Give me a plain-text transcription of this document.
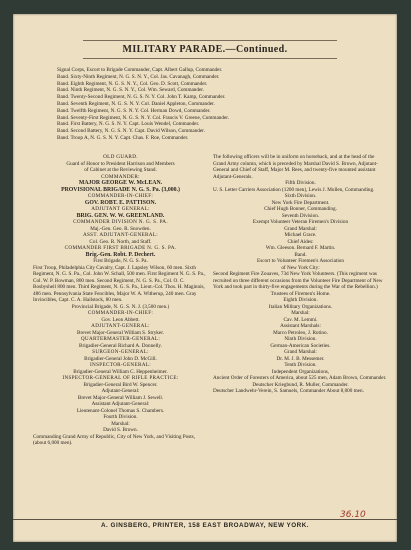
MILITARY PARADE.—Continued.
Signal Corps, Escort to Brigade Commander, Capt. Albert Gallup, Commander.
Band. Sixty-Ninth Regiment, N. G. S. N. Y., Col. Jas. Cavanagh, Commander.
Band. Eighth Regiment, N. G. S. N. Y., Col. Geo. D. Scott, Commander.
Band. Ninth Regiment, N. G. S. N. Y., Col. Wm. Seward, Commander.
Band. Twenty-Second Regiment, N. G. S. N. Y. Col. John T. Kamp, Commander.
Band. Seventh Regiment, N. G. S. N. Y. Col. Daniel Appleton, Commander.
Band. Twelfth Regiment, N. G. S. N. Y. Col. Herman Dowd, Commander.
Band. Seventy-First Regiment, N. G. S. N. Y. Col. Francis V. Greene, Commander.
Band. First Battery, N. G. S. N. Y. Capt. Louis Wendel, Commander.
Band. Second Battery, N. G. S. N. Y. Capt. David Wilson, Commander.
Band. Troop A, N. G. S. N. Y. Capt. Chas. F. Roe, Commander.
OLD GUARD.
Guard of Honor to President Harrison and Members
of Cabinet at the Reviewing Stand.
COMMANDER:
MAJOR GEORGE W. McLEAN.
PROVISIONAL BRIGADE N. G. S. Pa. (3,000.)
COMMANDER-IN-CHIEF:
GOV. ROBT. E. PATTISON.
ADJUTANT GENERAL:
BRIG. GEN. W. W. GREENLAND.
COMMANDER DIVISION N. G. S. PA.
Maj.-Gen. Geo. R. Snowden.
ASST. ADJUTANT-GENERAL:
Col. Geo. R. North, and Staff.
COMMANDER FIRST BRIGADE N. G. S. PA.
Brig.-Gen. Robt. P. Dechert.
First Brigade, N. G. S. Pa.
First Troop, Philadelphia City Cavalry, Capt. J. Lapsley Wilson, 60 men. Sixth Regiment, N. G. S. Pa., Col. John W. Schall, 500 men. First Regiment N. G. S. Pa., Col. W. P. Bowman, 800 men. Second Regiment, N. G. S. Pa., Col. O. C. Bosbyshell 800 men. Third Regiment, N. G. S. Pa., Lieut.-Col. Thos. H. Maginnis, 486 men. Pennsylvania State Fencibles, Major W. A. Witherup, 240 men. Gray Invincibles, Capt. C. A. Hailstock, 80 men.
Provincial Brigade, N. G. S. N. J. (3,500 men.)
COMMANDER-IN-CHIEF:
Gov. Leon Abbett.
ADJUTANT-GENERAL:
Brevet Major-General William S. Stryker.
QUARTERMASTER-GENERAL:
Brigadier-General Richard A. Donnelly.
SURGEON-GENERAL:
Brigadier-General John D. McGill.
INSPECTOR-GENERAL:
Brigadier-General William C. Heppenheimer.
INSPECTOR-GENERAL OF RIFLE PRACTICE:
Brigadier-General Bird W. Spencer.
Adjutant-General:
Brevet Major-General William J. Sewell.
Assistant Adjutant-General:
Lieutenant-Colonel Thomas S. Chambers.
Fourth Division.
Marshal:
David S. Brown.
Commanding Grand Army of Republic, City of New York, and Visiting Posts, (about 6,000 men).
The following officers will be in uniform on horseback, and at the head of the Grand Army column, which is preceded by Marshal David S. Brown, Adjutant-General and Chief of Staff, Major M. Rees, and twenty-five mounted assistant Adjutant-Generals.
Fifth Division.
U. S. Letter Carriers Association (1200 men), Lewis J. Mullen, Commanding.
Sixth Division.
New York Fire Department.
Chief Hugh Bonner, Commanding.
Seventh Division.
Exempt Volunteer Veteran Firemen's Division
Grand Marshal:
Michael Grace.
Chief Aides:
Wm. Gleeson. Bernard F. Martin.
Band.
Escort to Volunteer Firemen's Association
of New York City:
Second Regiment Fire Zouaves, 73d New York Volunteers. (This regiment was recruited on three different occasions from the Volunteer Fire Department of New York and took part in thirty-five engagements during the War of the Rebellion.)
Trustees of Firemen's Home.
Eighth Division.
Italian Military Organizations.
Marshal:
Cav. M. Lemmi.
Assistant Marshals:
Marco Petroleo, J. Rotino.
Ninth Division.
German-American Societies.
Grand Marshal:
Dr. M. J. B. Messemer.
Tenth Division.
Independent Organizations,
Ancient Order of Foresters of America, about 525 men, Adam Brown, Commander.
Deutscher Kriegbund, R. Muller, Commander.
Deutscher Landwehr-Verein, S. Samuels, Commander About 8,000 men.
A. GINSBERG, PRINTER, 158 EAST BROADWAY, NEW YORK.
36.10
